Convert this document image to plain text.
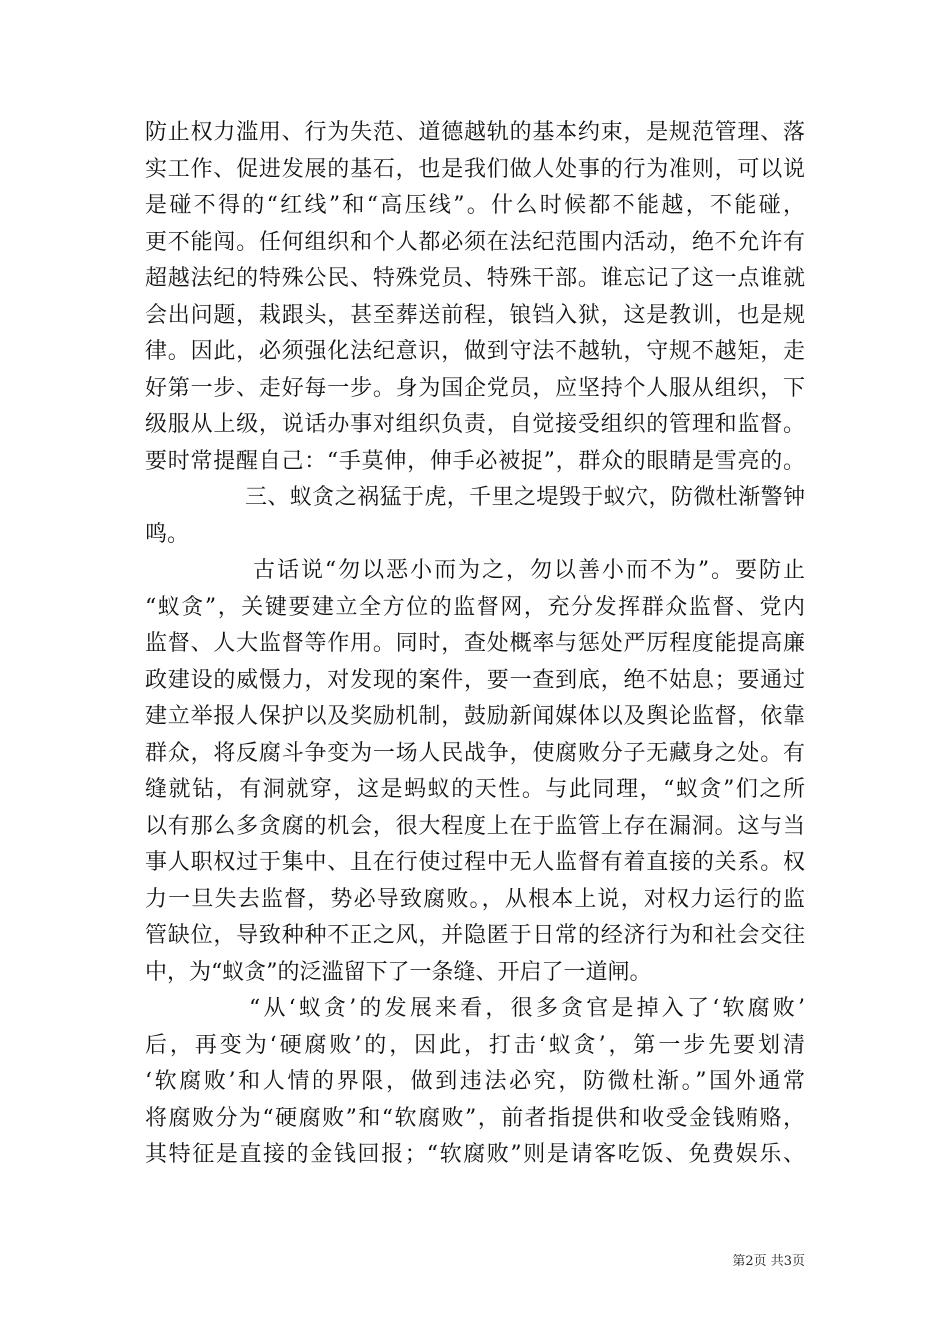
防止权力滥用、行为失范、道德越轨的基本约束，是规范管理、落
实工作、促进发展的基石，也是我们做人处事的行为准则，可以说
是碰不得的“红线”和“高压线”。什么时候都不能越，不能碰，
更不能闯。任何组织和个人都必须在法纪范围内活动，绝不允许有
超越法纪的特殊公民、特殊党员、特殊干部。谁忘记了这一点谁就
会出问题，栽跟头，甚至葬送前程，锒铛入狱，这是教训，也是规
律。因此，必须强化法纪意识，做到守法不越轨，守规不越矩，走
好第一步、走好每一步。身为国企党员，应坚持个人服从组织，下
级服从上级，说话办事对组织负责，自觉接受组织的管理和监督。
要时常提醒自己：“手莫伸，伸手必被捉”，群众的眼睛是雪亮的。
三、蚁贪之祸猛于虎，千里之堤毁于蚁穴，防微杜渐警钟
鸣。
古话说“勿以恶小而为之，勿以善小而不为”。要防止
“蚁贪”，关键要建立全方位的监督网，充分发挥群众监督、党内
监督、人大监督等作用。同时，查处概率与惩处严厉程度能提高廉
政建设的威慑力，对发现的案件，要一查到底，绝不姑息；要通过
建立举报人保护以及奖励机制，鼓励新闻媒体以及舆论监督，依靠
群众，将反腐斗争变为一场人民战争，使腐败分子无藏身之处。有
缝就钻，有洞就穿，这是蚂蚁的天性。与此同理，“蚁贪”们之所
以有那么多贪腐的机会，很大程度上在于监管上存在漏洞。这与当
事人职权过于集中、且在行使过程中无人监督有着直接的关系。权
力一旦失去监督，势必导致腐败。，从根本上说，对权力运行的监
管缺位，导致种种不正之风，并隐匿于日常的经济行为和社会交往
中，为“蚁贪”的泛滥留下了一条缝、开启了一道闸。
“从‘蚁贪’的发展来看，很多贪官是掉入了‘软腐败’
后，再变为‘硬腐败’的，因此，打击‘蚁贪’，第一步先要划清
‘软腐败’和人情的界限，做到违法必究，防微杜渐。”国外通常
将腐败分为“硬腐败”和“软腐败”，前者指提供和收受金钱贿赂，
其特征是直接的金钱回报；“软腐败”则是请客吃饭、免费娱乐、
第2页 共3页
